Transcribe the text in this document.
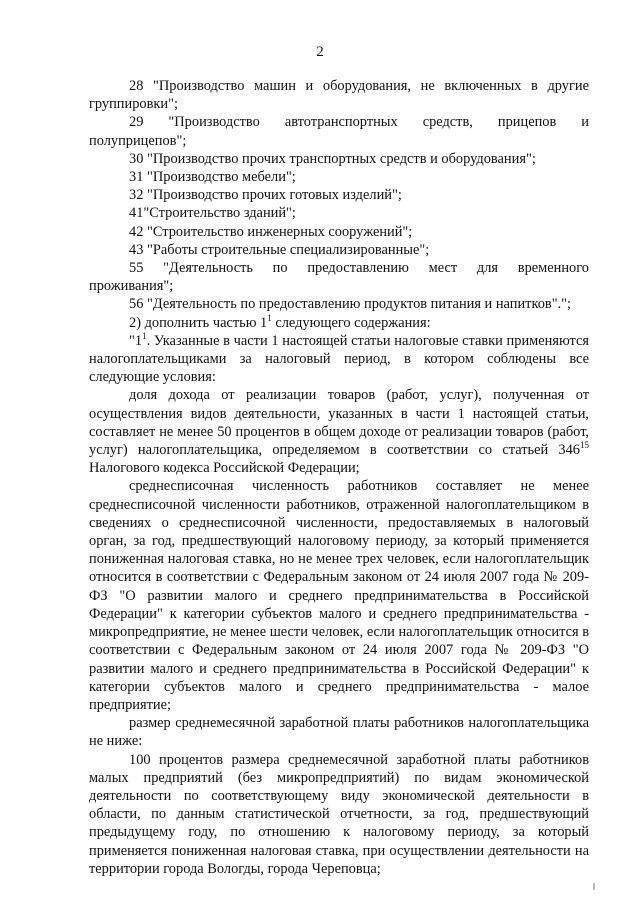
2

28 "Производство машин и оборудования, не включенных в другие группировки";

29 "Производство автотранспортных средств, прицепов и

полуприцепов";

30 "Производство прочих транспортных средств и оборудования";

31 "Производство мебели";

32 "Производство прочих готовых изделий";

41"Строительство зданий";

42 "Строительство инженерных сооружений";

43 "Работы строительные специализированные";

55 "Деятельность по предоставлению мест для временного

проживания";

56 "Деятельность по предоставлению продуктов питания и напитков".";

2) дополнить частью $1^1$ следующего содержания:

"$1^1$. Указанные в части 1 настоящей статьи налоговые ставки применяются налогоплательщиками за налоговый период, в котором соблюдены все следующие условия:

доля дохода от реализации товаров (работ, услуг), полученная от осуществления видов деятельности, указанных в части 1 настоящей статьи, составляет не менее 50 процентов в общем доходе от реализации товаров (работ, услуг) налогоплательщика, определяемом в соответствии со статьей $346^{15}$ Налогового кодекса Российской Федерации;

среднесписочная численность работников составляет не менее среднесписочной численности работников, отраженной налогоплательщиком в сведениях о среднесписочной численности, предоставляемых в налоговый орган, за год, предшествующий налоговому периоду, за который применяется пониженная налоговая ставка, но не менее трех человек, если налогоплательщик относится в соответствии с Федеральным законом от 24 июля 2007 года № 209-ФЗ "О развитии малого и среднего предпринимательства в Российской Федерации" к категории субъектов малого и среднего предпринимательства - микропредприятие, не менее шести человек, если налогоплательщик относится в соответствии с Федеральным законом от 24 июля 2007 года № 209-ФЗ "О развитии малого и среднего предпринимательства в Российской Федерации" к категории субъектов малого и среднего предпринимательства - малое предприятие;

размер среднемесячной заработной платы работников налогоплательщика не ниже:

100 процентов размера среднемесячной заработной платы работников малых предприятий (без микропредприятий) по видам экономической деятельности по соответствующему виду экономической деятельности в области, по данным статистической отчетности, за год, предшествующий предыдущему году, по отношению к налоговому периоду, за который применяется пониженная налоговая ставка, при осуществлении деятельности на территории города Вологды, города Череповца;
